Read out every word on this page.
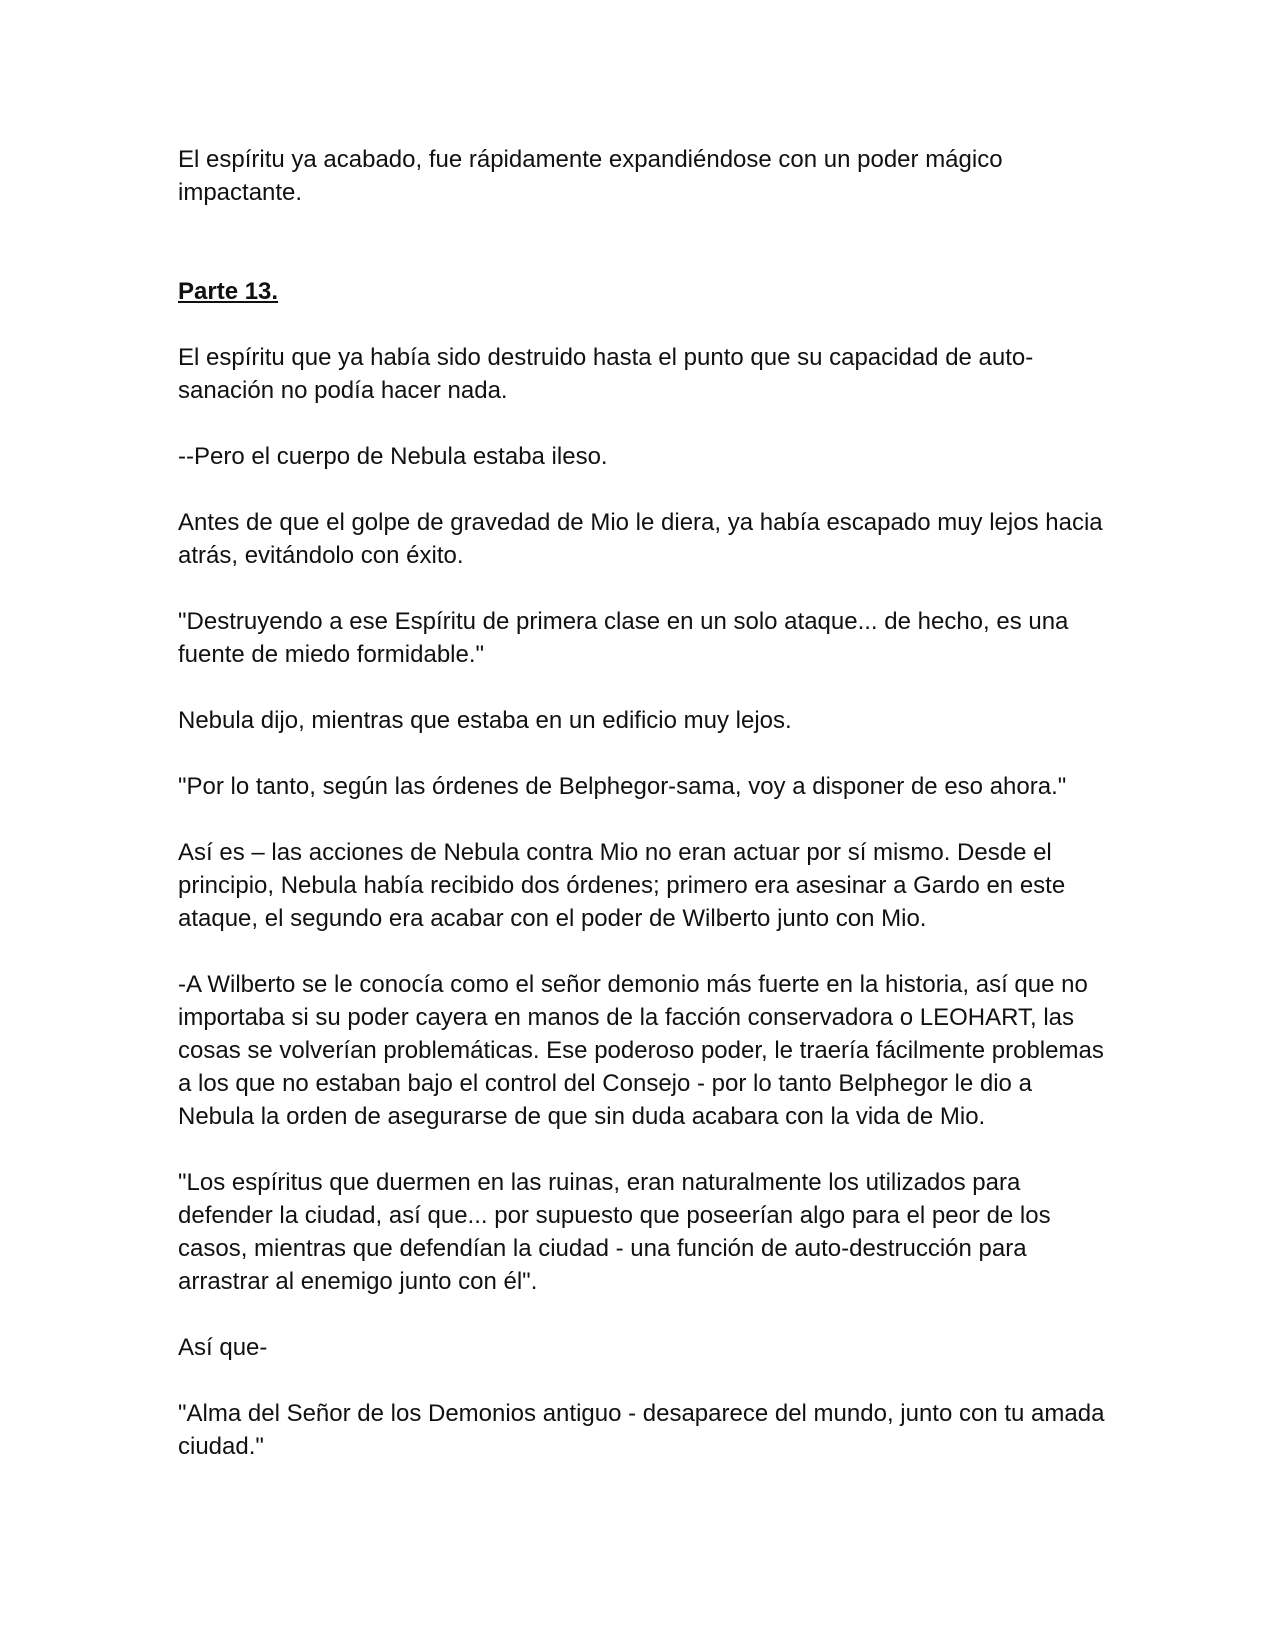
El espíritu ya acabado, fue rápidamente expandiéndose con un poder mágico impactante.

Parte 13.

El espíritu que ya había sido destruido hasta el punto que su capacidad de auto-sanación no podía hacer nada.

--Pero el cuerpo de Nebula estaba ileso.

Antes de que el golpe de gravedad de Mio le diera, ya había escapado muy lejos hacia atrás, evitándolo con éxito.

"Destruyendo a ese Espíritu de primera clase en un solo ataque... de hecho, es una fuente de miedo formidable."

Nebula dijo, mientras que estaba en un edificio muy lejos.

"Por lo tanto, según las órdenes de Belphegor-sama, voy a disponer de eso ahora."

Así es – las acciones de Nebula contra Mio no eran actuar por sí mismo. Desde el principio, Nebula había recibido dos órdenes; primero era asesinar a Gardo en este ataque, el segundo era acabar con el poder de Wilberto junto con Mio.

-A Wilberto se le conocía como el señor demonio más fuerte en la historia, así que no importaba si su poder cayera en manos de la facción conservadora o LEOHART, las cosas se volverían problemáticas. Ese poderoso poder, le traería fácilmente problemas a los que no estaban bajo el control del Consejo - por lo tanto Belphegor le dio a Nebula la orden de asegurarse de que sin duda acabara con la vida de Mio.

"Los espíritus que duermen en las ruinas, eran naturalmente los utilizados para defender la ciudad, así que... por supuesto que poseerían algo para el peor de los casos, mientras que defendían la ciudad - una función de auto-destrucción para arrastrar al enemigo junto con él".

Así que-

"Alma del Señor de los Demonios antiguo - desaparece del mundo, junto con tu amada ciudad."
